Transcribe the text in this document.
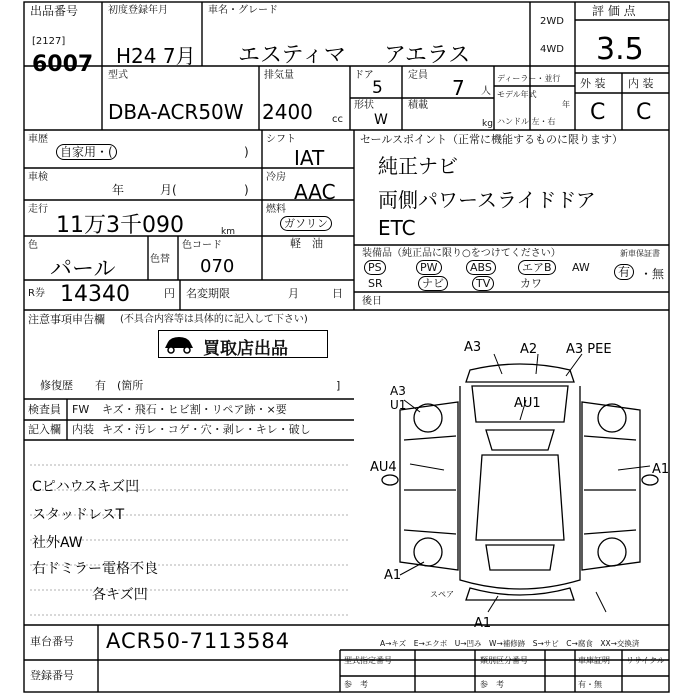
出品番号
[2127]
6007
初度登録年月
H24 7月
車名・グレード
エスティマ アエラス
2WD
4WD
評 価 点
3.5
外 装 内 装
C C
型式
DBA-ACR50W
排気量
2400 cc
ドア
5
定員
7 人
形状
W
積載
kg
ディーラー・並行
モデル年式
年
ハンドル 左・右
車歴
自家用・(	)
車検
年　　　月(	)
走行
11万3千090	km
色
パール	色替
色コード
070
R券 14340	円 名変期限	月　　　日
注意事項申告欄 (不具合内容等は具体的に記入して下さい)
買取店出品
修復歴　　有　(箇所	]
検査員
記入欄
FW キズ・飛石・ヒビ割・リペア跡・×要
内装 キズ・汚レ・コゲ・穴・剥レ・キレ・破し
Cピハウスキズ凹
スタッドレスT
社外AW
右ドミラー電格不良
各キズ凹
車台番号 ACR50-7113584
登録番号
シフト
IAT
冷房
AAC
燃料
ガソリン
軽　油
セールスポイント（正常に機能するものに限ります）
純正ナビ
両側パワースライドドア
ETC
装備品（純正品に限り○をつけてください）	新車保証書
有 ・無
PS	PW	ABS	エアB	AW
SR	ナビ	TV	カワ
後日
A3	A2 A3 PEE
A3 U1	AU1
AU4	A1
A1
A1
スペア
A→キズ　E→エクボ　U→凹み　W→補修跡　S→サビ　C→腐食　XX→交換済
型式指定番号
参　考
類別区分番号
参　考
車庫証明
有・無
リサイクル
